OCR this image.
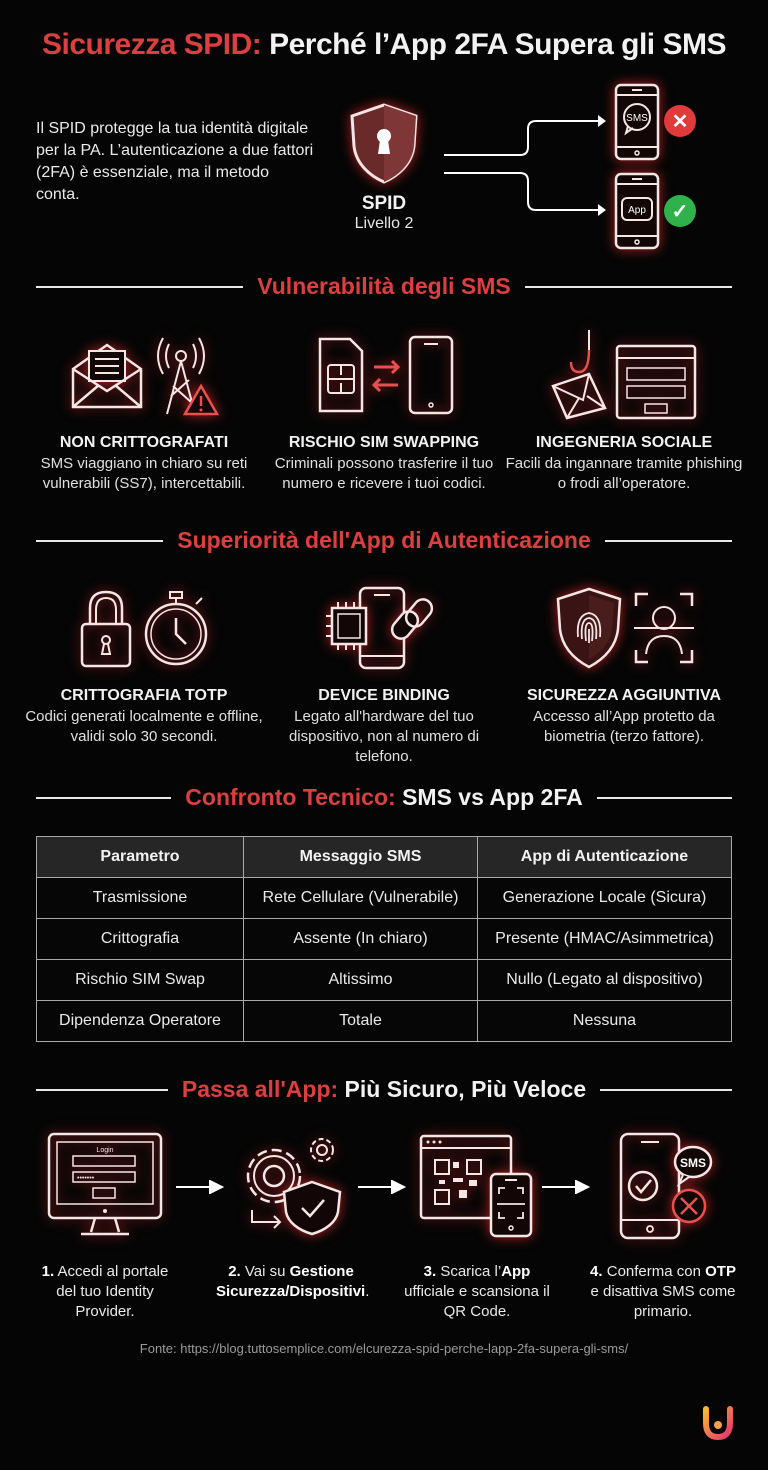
Sicurezza SPID: Perché l’App 2FA Supera gli SMS

Il SPID protegge la tua identità digitale per la PA. L’autenticazione a due fattori (2FA) è essenziale, ma il metodo conta.	SPID
Livello 2
SMS	✕
App	✓
Vulnerabilità degli SMS
NON CRITTOGRAFATI
SMS viaggiano in chiaro su reti vulnerabili (SS7), intercettabili.
RISCHIO SIM SWAPPING
Criminali possono trasferire il tuo numero e ricevere i tuoi codici.
INGEGNERIA SOCIALE
Facili da ingannare tramite phishing o frodi all’operatore.
Superiorità dell'App di Autenticazione
CRITTOGRAFIA TOTP
Codici generati localmente e offline, validi solo 30 secondi.
DEVICE BINDING
Legato all'hardware del tuo dispositivo, non al numero di telefono.
SICUREZZA AGGIUNTIVA
Accesso all’App protetto da biometria (terzo fattore).
Confronto Tecnico: SMS vs App 2FA
Parametro	Messaggio SMS	App di Autenticazione
Trasmissione	Rete Cellulare (Vulnerabile)	Generazione Locale (Sicura)
Crittografia	Assente (In chiaro)	Presente (HMAC/Asimmetrica)
Rischio SIM Swap	Altissimo	Nullo (Legato al dispositivo)
Dipendenza Operatore	Totale	Nessuna
Passa all'App: Più Sicuro, Più Veloce
Login
•••••••
1. Accedi al portale del tuo Identity Provider.
2. Vai su Gestione Sicurezza/Dispositivi.
3. Scarica l’App ufficiale e scansiona il QR Code.
SMS
4. Conferma con OTP e disattiva SMS come primario.
Fonte: https://blog.tuttosemplice.com/elcurezza-spid-perche-lapp-2fa-supera-gli-sms/
